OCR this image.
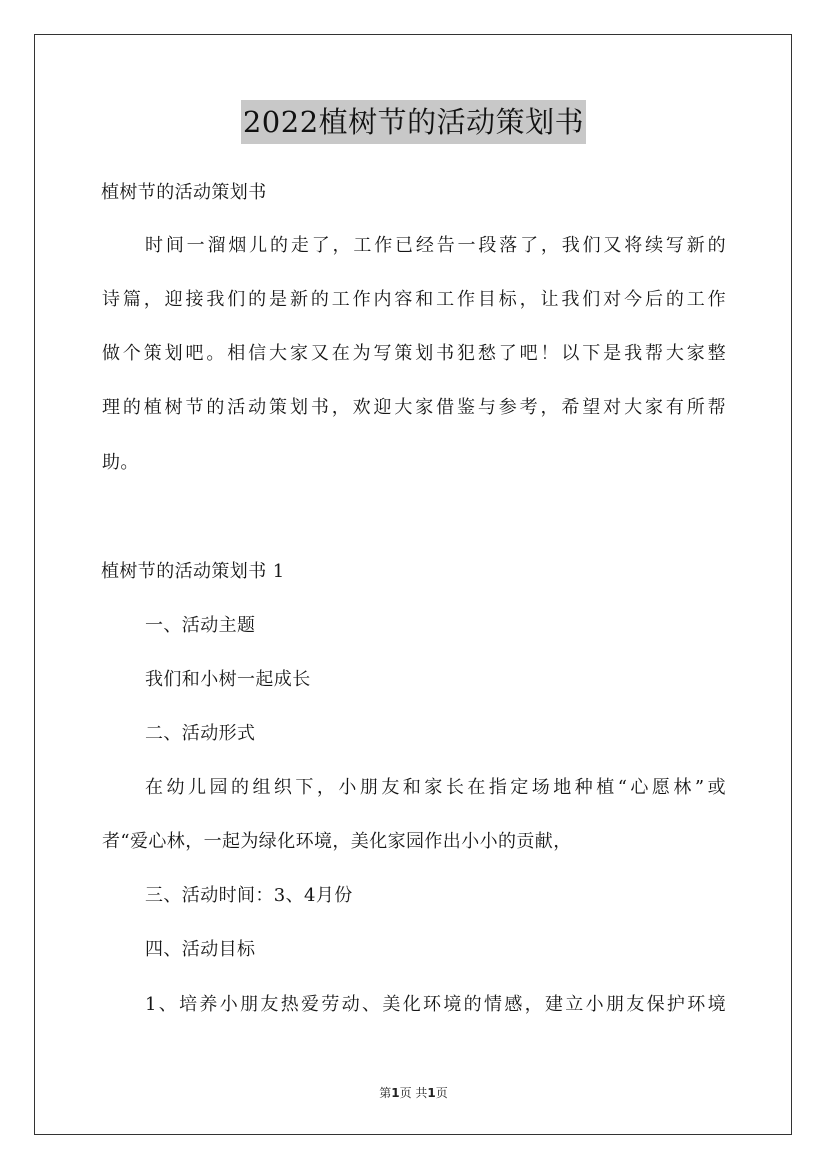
2022植树节的活动策划书
植树节的活动策划书
时间一溜烟儿的走了，工作已经告一段落了，我们又将续写新的
诗篇，迎接我们的是新的工作内容和工作目标，让我们对今后的工作
做个策划吧。相信大家又在为写策划书犯愁了吧！以下是我帮大家整
理的植树节的活动策划书，欢迎大家借鉴与参考，希望对大家有所帮
助。
植树节的活动策划书 1
一、活动主题
我们和小树一起成长
二、活动形式
在幼儿园的组织下，小朋友和家长在指定场地种植“心愿林”或
者“爱心林，一起为绿化环境，美化家园作出小小的贡献，
三、活动时间：3、4月份
四、活动目标
1、培养小朋友热爱劳动、美化环境的情感，建立小朋友保护环境
第1页 共1页
